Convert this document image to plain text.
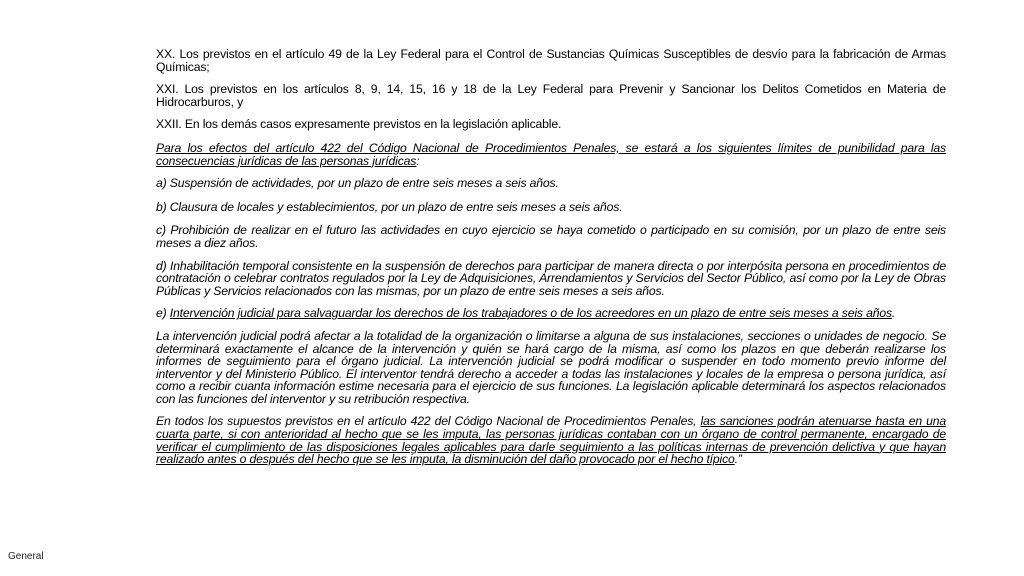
XX. Los previstos en el artículo 49 de la Ley Federal para el Control de Sustancias Químicas Susceptibles de desvío para la fabricación de Armas Químicas;

XXI. Los previstos en los artículos 8, 9, 14, 15, 16 y 18 de la Ley Federal para Prevenir y Sancionar los Delitos Cometidos en Materia de Hidrocarburos, y

XXII. En los demás casos expresamente previstos en la legislación aplicable.

Para los efectos del artículo 422 del Código Nacional de Procedimientos Penales, se estará a los siguientes límites de punibilidad para las consecuencias jurídicas de las personas jurídicas:

a) Suspensión de actividades, por un plazo de entre seis meses a seis años.

b) Clausura de locales y establecimientos, por un plazo de entre seis meses a seis años.

c) Prohibición de realizar en el futuro las actividades en cuyo ejercicio se haya cometido o participado en su comisión, por un plazo de entre seis meses a diez años.

d) Inhabilitación temporal consistente en la suspensión de derechos para participar de manera directa o por interpósita persona en procedimientos de contratación o celebrar contratos regulados por la Ley de Adquisiciones, Arrendamientos y Servicios del Sector Público, así como por la Ley de Obras Públicas y Servicios relacionados con las mismas, por un plazo de entre seis meses a seis años.

e) Intervención judicial para salvaguardar los derechos de los trabajadores o de los acreedores en un plazo de entre seis meses a seis años.

La intervención judicial podrá afectar a la totalidad de la organización o limitarse a alguna de sus instalaciones, secciones o unidades de negocio. Se determinará exactamente el alcance de la intervención y quién se hará cargo de la misma, así como los plazos en que deberán realizarse los informes de seguimiento para el órgano judicial. La intervención judicial se podrá modificar o suspender en todo momento previo informe del interventor y del Ministerio Público. El interventor tendrá derecho a acceder a todas las instalaciones y locales de la empresa o persona jurídica, así como a recibir cuanta información estime necesaria para el ejercicio de sus funciones. La legislación aplicable determinará los aspectos relacionados con las funciones del interventor y su retribución respectiva.

En todos los supuestos previstos en el artículo 422 del Código Nacional de Procedimientos Penales, las sanciones podrán atenuarse hasta en una cuarta parte, si con anterioridad al hecho que se les imputa, las personas jurídicas contaban con un órgano de control permanente, encargado de verificar el cumplimiento de las disposiciones legales aplicables para darle seguimiento a las políticas internas de prevención delictiva y que hayan realizado antes o después del hecho que se les imputa, la disminución del daño provocado por el hecho típico.”

General
